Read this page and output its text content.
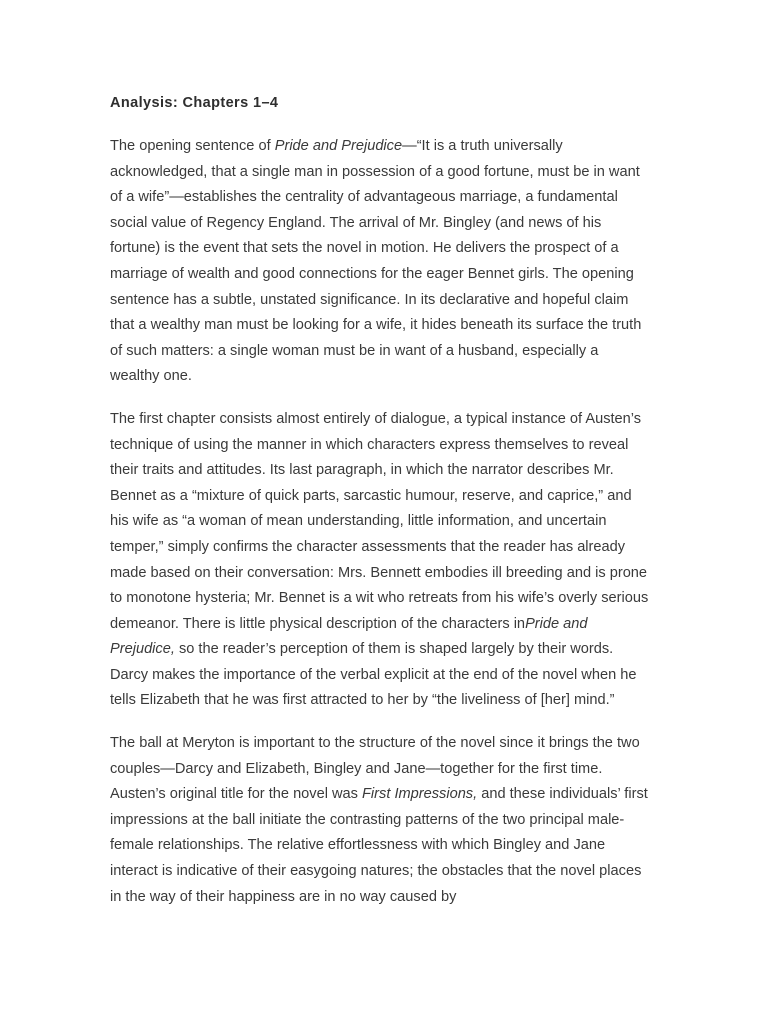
Analysis: Chapters 1–4

The opening sentence of Pride and Prejudice—“It is a truth universally acknowledged, that a single man in possession of a good fortune, must be in want of a wife”—establishes the centrality of advantageous marriage, a fundamental social value of Regency England. The arrival of Mr. Bingley (and news of his fortune) is the event that sets the novel in motion. He delivers the prospect of a marriage of wealth and good connections for the eager Bennet girls. The opening sentence has a subtle, unstated significance. In its declarative and hopeful claim that a wealthy man must be looking for a wife, it hides beneath its surface the truth of such matters: a single woman must be in want of a husband, especially a wealthy one.

The first chapter consists almost entirely of dialogue, a typical instance of Austen’s technique of using the manner in which characters express themselves to reveal their traits and attitudes. Its last paragraph, in which the narrator describes Mr. Bennet as a “mixture of quick parts, sarcastic humour, reserve, and caprice,” and his wife as “a woman of mean understanding, little information, and uncertain temper,” simply confirms the character assessments that the reader has already made based on their conversation: Mrs. Bennett embodies ill breeding and is prone to monotone hysteria; Mr. Bennet is a wit who retreats from his wife’s overly serious demeanor. There is little physical description of the characters inPride and Prejudice, so the reader’s perception of them is shaped largely by their words. Darcy makes the importance of the verbal explicit at the end of the novel when he tells Elizabeth that he was first attracted to her by “the liveliness of [her] mind.”

The ball at Meryton is important to the structure of the novel since it brings the two couples—Darcy and Elizabeth, Bingley and Jane—together for the first time. Austen’s original title for the novel was First Impressions, and these individuals’ first impressions at the ball initiate the contrasting patterns of the two principal male-female relationships. The relative effortlessness with which Bingley and Jane interact is indicative of their easygoing natures; the obstacles that the novel places in the way of their happiness are in no way caused by
